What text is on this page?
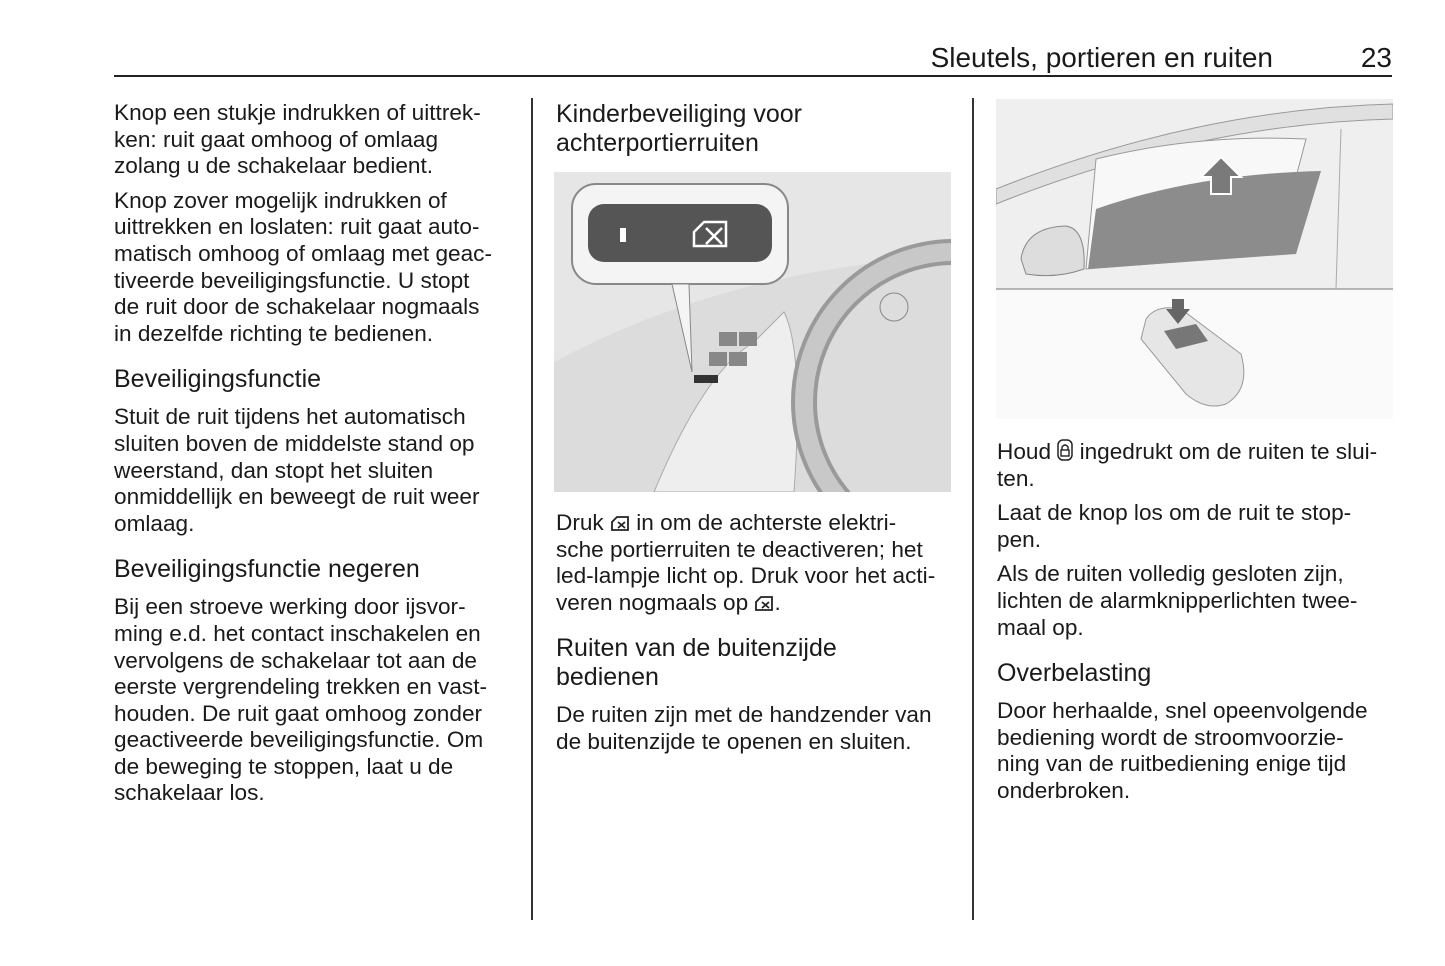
Sleutels, portieren en ruiten	23

Knop een stukje indrukken of uittrek-
ken: ruit gaat omhoog of omlaag
zolang u de schakelaar bedient.

Knop zover mogelijk indrukken of
uittrekken en loslaten: ruit gaat auto-
matisch omhoog of omlaag met geac-
tiveerde beveiligingsfunctie. U stopt
de ruit door de schakelaar nogmaals
in dezelfde richting te bedienen.

Beveiligingsfunctie

Stuit de ruit tijdens het automatisch
sluiten boven de middelste stand op
weerstand, dan stopt het sluiten
onmiddellijk en beweegt de ruit weer
omlaag.

Beveiligingsfunctie negeren

Bij een stroeve werking door ijsvor-
ming e.d. het contact inschakelen en
vervolgens de schakelaar tot aan de
eerste vergrendeling trekken en vast-
houden. De ruit gaat omhoog zonder
geactiveerde beveiligingsfunctie. Om
de beweging te stoppen, laat u de
schakelaar los.

Kinderbeveiliging voor
achterportierruiten

Druk  in om de achterste elektri-
sche portierruiten te deactiveren; het
led-lampje licht op. Druk voor het acti-
veren nogmaals op .

Ruiten van de buitenzijde
bedienen

De ruiten zijn met de handzender van
de buitenzijde te openen en sluiten.

Houd  ingedrukt om de ruiten te slui-
ten.

Laat de knop los om de ruit te stop-
pen.

Als de ruiten volledig gesloten zijn,
lichten de alarmknipperlichten twee-
maal op.

Overbelasting

Door herhaalde, snel opeenvolgende
bediening wordt de stroomvoorzie-
ning van de ruitbediening enige tijd
onderbroken.
